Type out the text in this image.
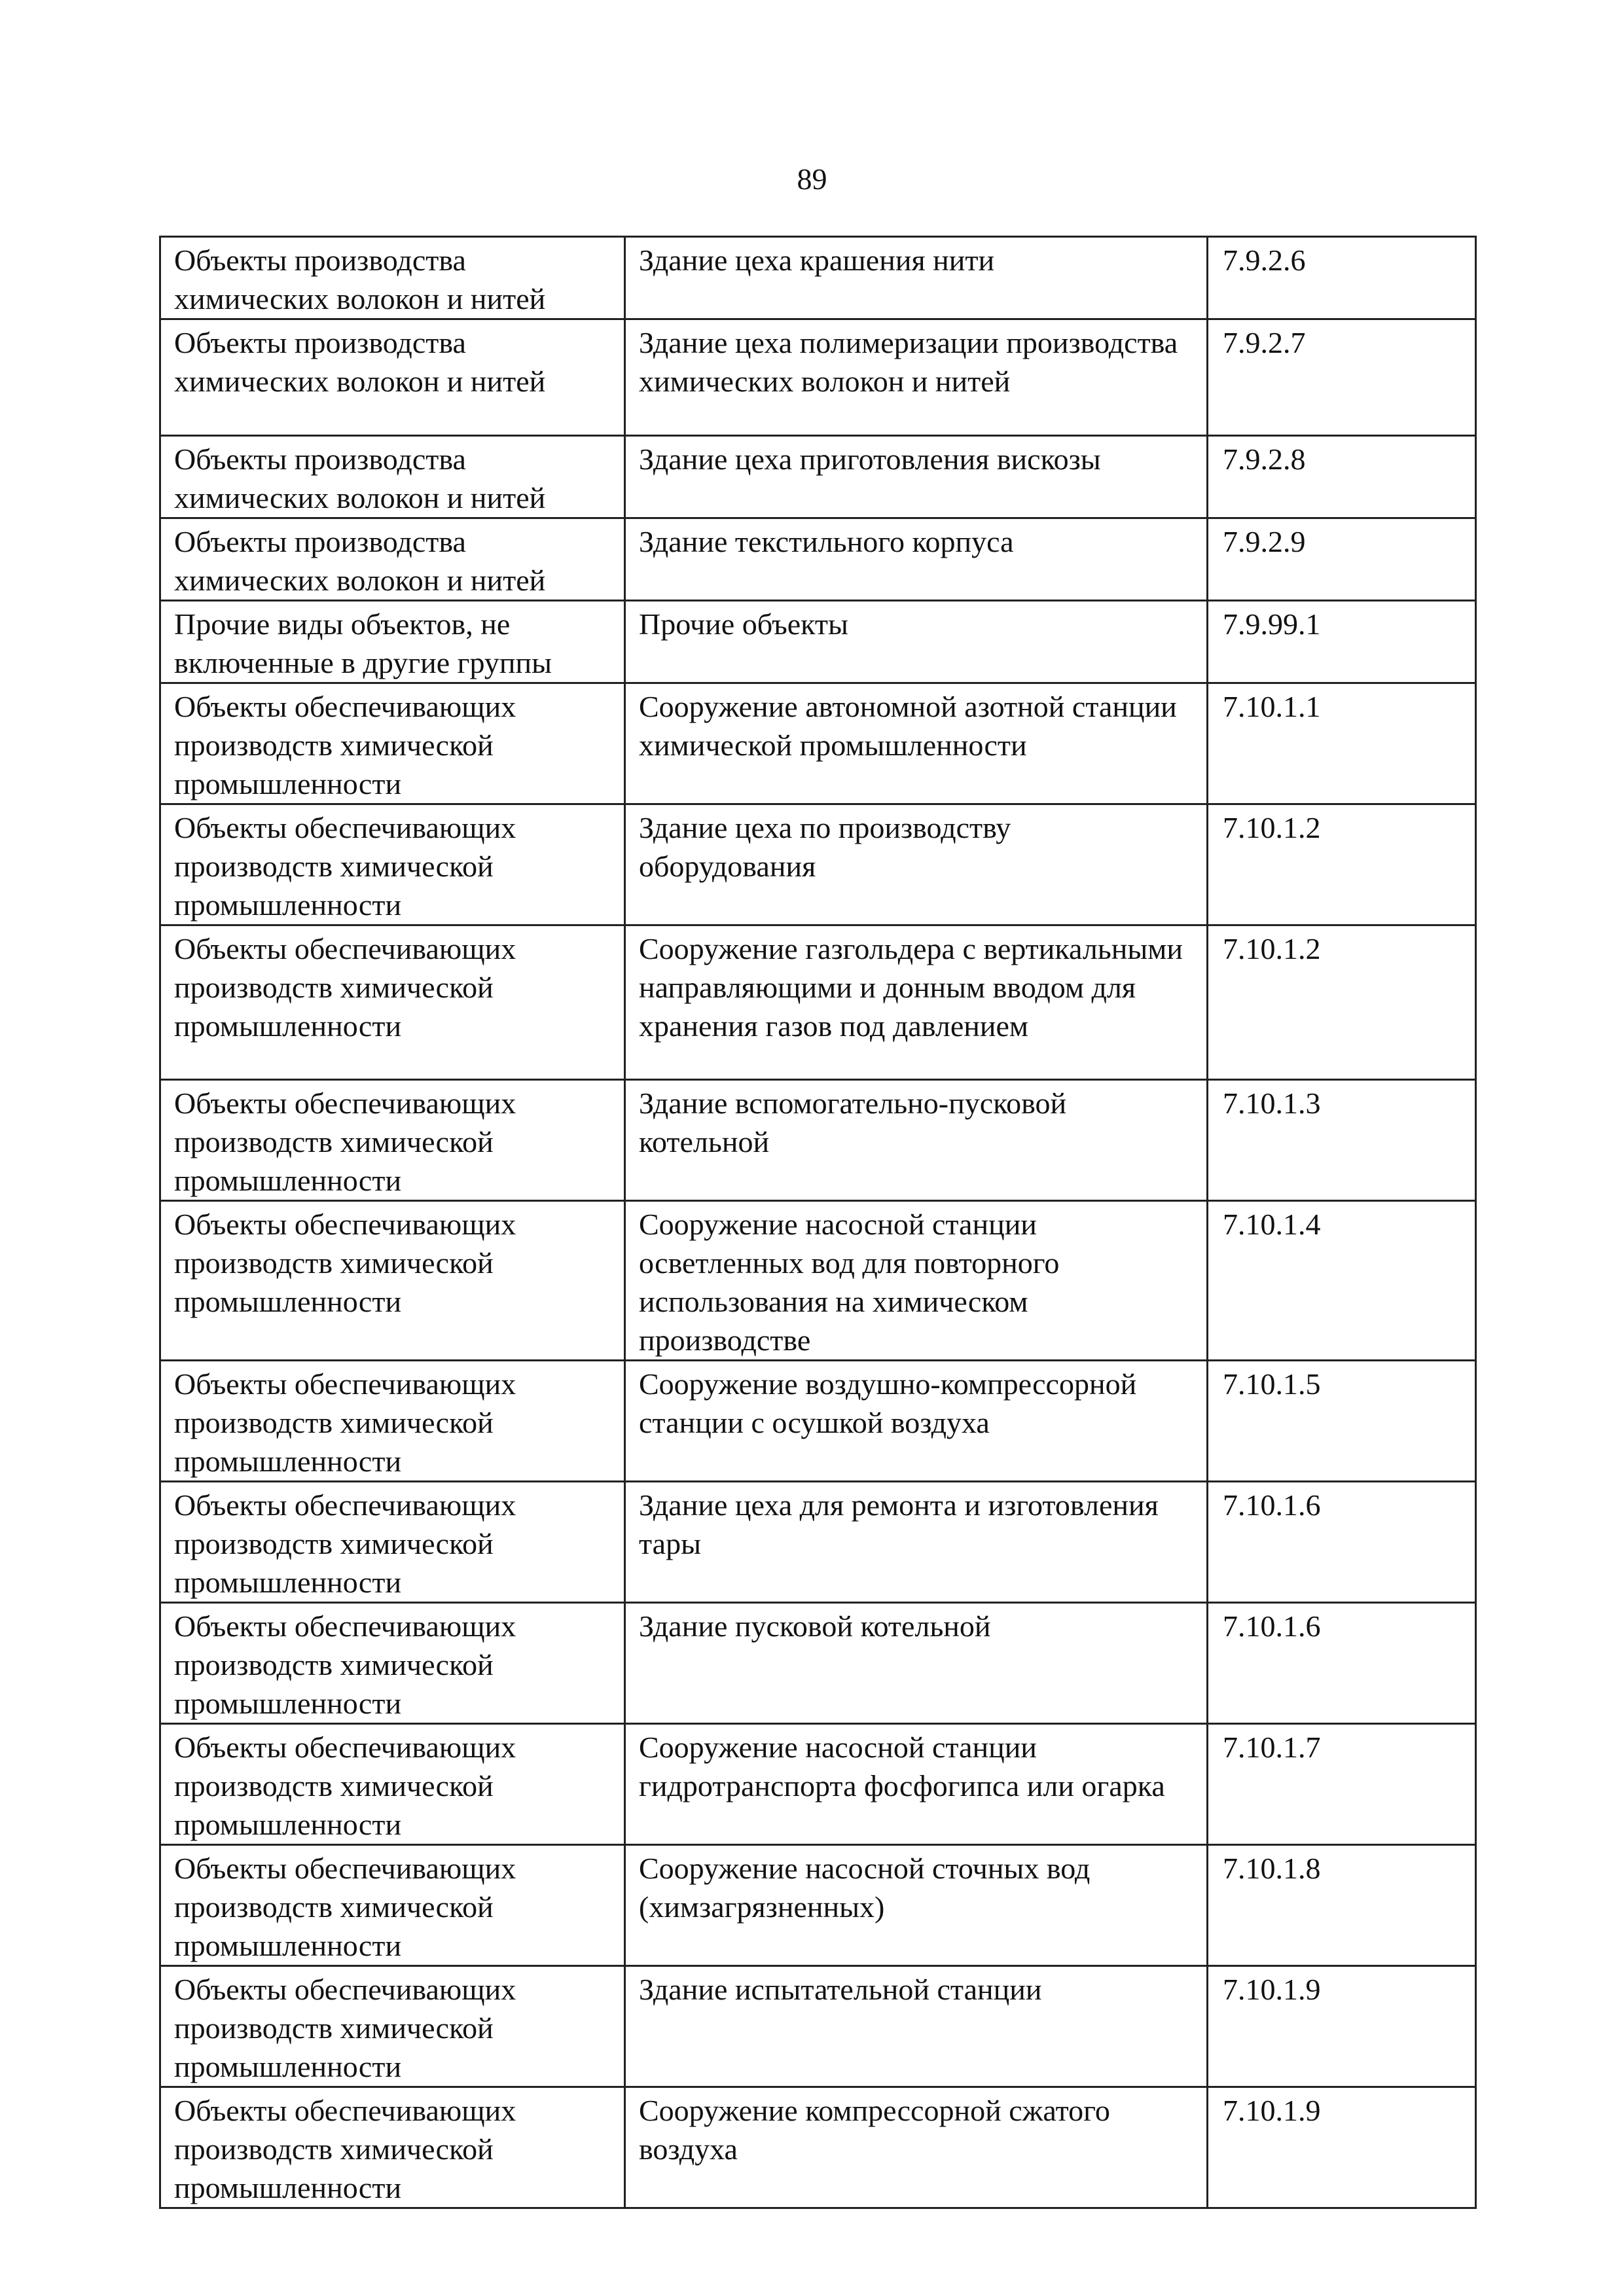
89
Объекты производства химических волокон и нитей	Здание цеха крашения нити	7.9.2.6
Объекты производства химических волокон и нитей	Здание цеха полимеризации производства химических волокон и нитей	7.9.2.7
Объекты производства химических волокон и нитей	Здание цеха приготовления вискозы	7.9.2.8
Объекты производства химических волокон и нитей	Здание текстильного корпуса	7.9.2.9
Прочие виды объектов, не включенные в другие группы	Прочие объекты	7.9.99.1
Объекты обеспечивающих производств химической промышленности	Сооружение автономной азотной станции химической промышленности	7.10.1.1
Объекты обеспечивающих производств химической промышленности	Здание цеха по производству оборудования	7.10.1.2
Объекты обеспечивающих производств химической промышленности	Сооружение газгольдера с вертикальными направляющими и донным вводом для хранения газов под давлением	7.10.1.2
Объекты обеспечивающих производств химической промышленности	Здание вспомогательно-пусковой котельной	7.10.1.3
Объекты обеспечивающих производств химической промышленности	Сооружение насосной станции осветленных вод для повторного использования на химическом производстве	7.10.1.4
Объекты обеспечивающих производств химической промышленности	Сооружение воздушно-компрессорной станции с осушкой воздуха	7.10.1.5
Объекты обеспечивающих производств химической промышленности	Здание цеха для ремонта и изготовления тары	7.10.1.6
Объекты обеспечивающих производств химической промышленности	Здание пусковой котельной	7.10.1.6
Объекты обеспечивающих производств химической промышленности	Сооружение насосной станции гидротранспорта фосфогипса или огарка	7.10.1.7
Объекты обеспечивающих производств химической промышленности	Сооружение насосной сточных вод (химзагрязненных)	7.10.1.8
Объекты обеспечивающих производств химической промышленности	Здание испытательной станции	7.10.1.9
Объекты обеспечивающих производств химической промышленности	Сооружение компрессорной сжатого воздуха	7.10.1.9
